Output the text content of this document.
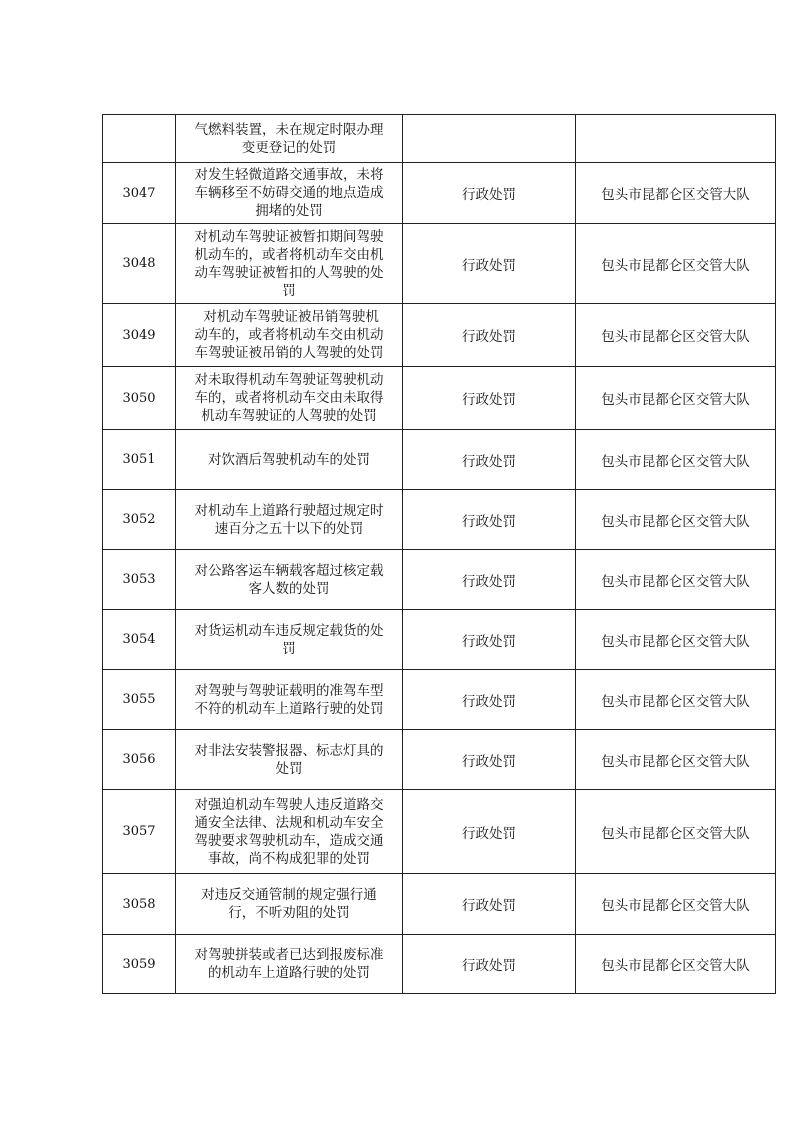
	气燃料装置，未在规定时限办理
变更登记的处罚		

3047	对发生轻微道路交通事故，未将
车辆移至不妨碍交通的地点造成
拥堵的处罚	行政处罚	包头市昆都仑区交管大队
3048	对机动车驾驶证被暂扣期间驾驶
机动车的，或者将机动车交由机
动车驾驶证被暂扣的人驾驶的处
罚	行政处罚	包头市昆都仑区交管大队
3049	对机动车驾驶证被吊销驾驶机
动车的，或者将机动车交由机动
车驾驶证被吊销的人驾驶的处罚	行政处罚	包头市昆都仑区交管大队
3050	对未取得机动车驾驶证驾驶机动
车的，或者将机动车交由未取得
机动车驾驶证的人驾驶的处罚	行政处罚	包头市昆都仑区交管大队
3051	对饮酒后驾驶机动车的处罚	行政处罚	包头市昆都仑区交管大队
3052	对机动车上道路行驶超过规定时
速百分之五十以下的处罚	行政处罚	包头市昆都仑区交管大队
3053	对公路客运车辆载客超过核定载
客人数的处罚	行政处罚	包头市昆都仑区交管大队
3054	对货运机动车违反规定载货的处
罚	行政处罚	包头市昆都仑区交管大队
3055	对驾驶与驾驶证载明的准驾车型
不符的机动车上道路行驶的处罚	行政处罚	包头市昆都仑区交管大队
3056	对非法安装警报器、标志灯具的
处罚	行政处罚	包头市昆都仑区交管大队
3057	对强迫机动车驾驶人违反道路交
通安全法律、法规和机动车安全
驾驶要求驾驶机动车，造成交通
事故，尚不构成犯罪的处罚	行政处罚	包头市昆都仑区交管大队
3058	对违反交通管制的规定强行通
行，不听劝阻的处罚	行政处罚	包头市昆都仑区交管大队
3059	对驾驶拼装或者已达到报废标准
的机动车上道路行驶的处罚	行政处罚	包头市昆都仑区交管大队
